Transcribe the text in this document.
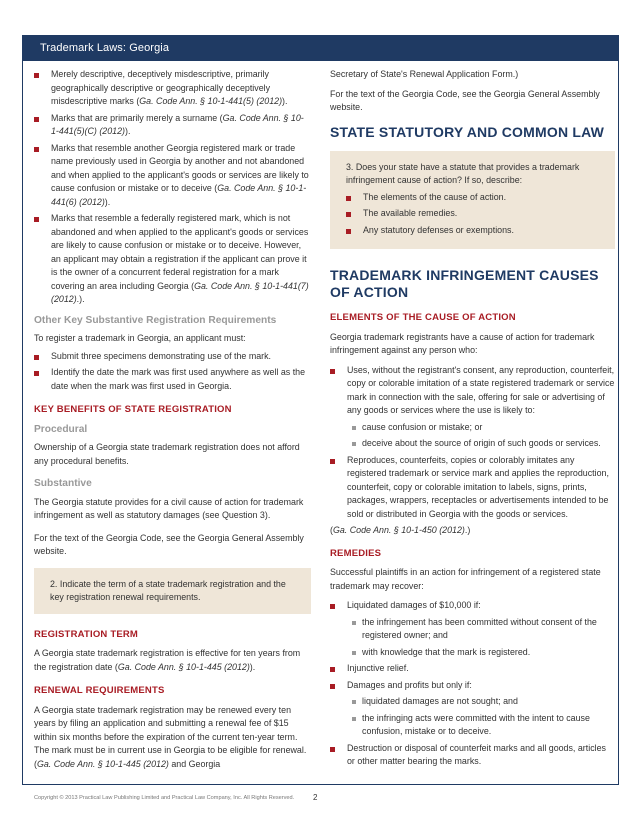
Trademark Laws: Georgia
Merely descriptive, deceptively misdescriptive, primarily geographically descriptive or geographically deceptively misdescriptive marks (Ga. Code Ann. § 10-1-441(5) (2012)).
Marks that are primarily merely a surname (Ga. Code Ann. § 10-1-441(5)(C) (2012)).
Marks that resemble another Georgia registered mark or trade name previously used in Georgia by another and not abandoned and when applied to the applicant's goods or services are likely to cause confusion or mistake or to deceive (Ga. Code Ann. § 10-1-441(6) (2012)).
Marks that resemble a federally registered mark, which is not abandoned and when applied to the applicant's goods or services are likely to cause confusion or mistake or to deceive. However, an applicant may obtain a registration if the applicant can prove it is the owner of a concurrent federal registration for a mark covering an area including Georgia (Ga. Code Ann. § 10-1-441(7) (2012).).
Other Key Substantive Registration Requirements

To register a trademark in Georgia, an applicant must:

Submit three specimens demonstrating use of the mark.
Identify the date the mark was first used anywhere as well as the date when the mark was first used in Georgia.
KEY BENEFITS OF STATE REGISTRATION
Procedural

Ownership of a Georgia state trademark registration does not afford any procedural benefits.

Substantive

The Georgia statute provides for a civil cause of action for trademark infringement as well as statutory damages (see Question 3).

For the text of the Georgia Code, see the Georgia General Assembly website.

2. Indicate the term of a state trademark registration and the key registration renewal requirements.
REGISTRATION TERM

A Georgia state trademark registration is effective for ten years from the registration date (Ga. Code Ann. § 10-1-445 (2012)).

RENEWAL REQUIREMENTS

A Georgia state trademark registration may be renewed every ten years by filing an application and submitting a renewal fee of $15 within six months before the expiration of the current ten-year term. The mark must be in current use in Georgia to be eligible for renewal. (Ga. Code Ann. § 10-1-445 (2012) and Georgia

Secretary of State's Renewal Application Form.)

For the text of the Georgia Code, see the Georgia General Assembly website.

STATE STATUTORY AND COMMON LAW
3. Does your state have a statute that provides a trademark infringement cause of action? If so, describe:
The elements of the cause of action.
The available remedies.
Any statutory defenses or exemptions.
TRADEMARK INFRINGEMENT CAUSES OF ACTION
ELEMENTS OF THE CAUSE OF ACTION

Georgia trademark registrants have a cause of action for trademark infringement against any person who:

Uses, without the registrant's consent, any reproduction, counterfeit, copy or colorable imitation of a state registered trademark or service mark in connection with the sale, offering for sale or advertising of any goods or services where the use is likely to:
cause confusion or mistake; or
deceive about the source of origin of such goods or services.
Reproduces, counterfeits, copies or colorably imitates any registered trademark or service mark and applies the reproduction, counterfeit, copy or colorable imitation to labels, signs, prints, packages, wrappers, receptacles or advertisements intended to be sold or distributed in Georgia with the goods or services.

(Ga. Code Ann. § 10-1-450 (2012).)

REMEDIES

Successful plaintiffs in an action for infringement of a registered state trademark may recover:

Liquidated damages of $10,000 if:
the infringement has been committed without consent of the registered owner; and
with knowledge that the mark is registered.
Injunctive relief.
Damages and profits but only if:
liquidated damages are not sought; and
the infringing acts were committed with the intent to cause confusion, mistake or to deceive.
Destruction or disposal of counterfeit marks and all goods, articles or other matter bearing the marks.
Copyright © 2013 Practical Law Publishing Limited and Practical Law Company, Inc. All Rights Reserved. 2
